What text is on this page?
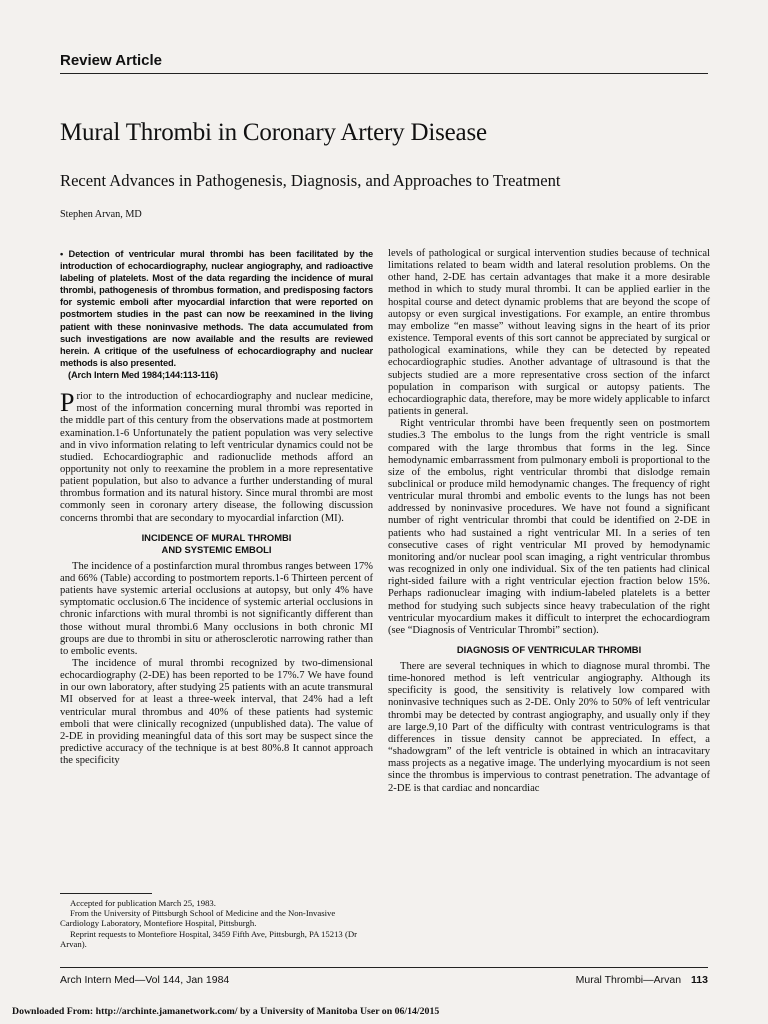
Review Article
Mural Thrombi in Coronary Artery Disease
Recent Advances in Pathogenesis, Diagnosis, and Approaches to Treatment
Stephen Arvan, MD
• Detection of ventricular mural thrombi has been facilitated by the introduction of echocardiography, nuclear angiography, and radioactive labeling of platelets. Most of the data regarding the incidence of mural thrombi, pathogenesis of thrombus formation, and predisposing factors for systemic emboli after myocardial infarction that were reported on postmortem studies in the past can now be reexamined in the living patient with these noninvasive methods. The data accumulated from such investigations are now available and the results are reviewed herein. A critique of the usefulness of echocardiography and nuclear methods is also presented.
(Arch Intern Med 1984;144:113-116)

Prior to the introduction of echocardiography and nuclear medicine, most of the information concerning mural thrombi was reported in the middle part of this century from the observations made at postmortem examination.1-6 Unfortunately the patient population was very selective and in vivo information relating to left ventricular dynamics could not be studied. Echocardiographic and radionuclide methods afford an opportunity not only to reexamine the problem in a more representative patient population, but also to advance a further understanding of mural thrombus formation and its natural history. Since mural thrombi are most commonly seen in coronary artery disease, the following discussion concerns thrombi that are secondary to myocardial infarction (MI).

INCIDENCE OF MURAL THROMBI
AND SYSTEMIC EMBOLI

The incidence of a postinfarction mural thrombus ranges between 17% and 66% (Table) according to postmortem reports.1-6 Thirteen percent of patients have systemic arterial occlusions at autopsy, but only 4% have symptomatic occlusion.6 The incidence of systemic arterial occlusions in chronic infarctions with mural thrombi is not significantly different than those without mural thrombi.6 Many occlusions in both chronic MI groups are due to thrombi in situ or atherosclerotic narrowing rather than to embolic events.

The incidence of mural thrombi recognized by two-dimensional echocardiography (2-DE) has been reported to be 17%.7 We have found in our own laboratory, after studying 25 patients with an acute transmural MI observed for at least a three-week interval, that 24% had a left ventricular mural thrombus and 40% of these patients had systemic emboli that were clinically recognized (unpublished data). The value of 2-DE in providing meaningful data of this sort may be suspect since the predictive accuracy of the technique is at best 80%.8 It cannot approach the specificity

Accepted for publication March 25, 1983.

From the University of Pittsburgh School of Medicine and the Non-Invasive Cardiology Laboratory, Montefiore Hospital, Pittsburgh.

Reprint requests to Montefiore Hospital, 3459 Fifth Ave, Pittsburgh, PA 15213 (Dr Arvan).

levels of pathological or surgical intervention studies because of technical limitations related to beam width and lateral resolution problems. On the other hand, 2-DE has certain advantages that make it a more desirable method in which to study mural thrombi. It can be applied earlier in the hospital course and detect dynamic problems that are beyond the scope of autopsy or even surgical investigations. For example, an entire thrombus may embolize “en masse” without leaving signs in the heart of its prior existence. Temporal events of this sort cannot be appreciated by surgical or pathological examinations, while they can be detected by repeated echocardiographic studies. Another advantage of ultrasound is that the subjects studied are a more representative cross section of the infarct population in comparison with surgical or autopsy patients. The echocardiographic data, therefore, may be more widely applicable to infarct patients in general.

Right ventricular thrombi have been frequently seen on postmortem studies.3 The embolus to the lungs from the right ventricle is small compared with the large thrombus that forms in the leg. Since hemodynamic embarrassment from pulmonary emboli is proportional to the size of the embolus, right ventricular thrombi that dislodge remain subclinical or produce mild hemodynamic changes. The frequency of right ventricular mural thrombi and embolic events to the lungs has not been addressed by noninvasive procedures. We have not found a significant number of right ventricular thrombi that could be identified on 2-DE in patients who had sustained a right ventricular MI. In a series of ten consecutive cases of right ventricular MI proved by hemodynamic monitoring and/or nuclear pool scan imaging, a right ventricular thrombus was recognized in only one individual. Six of the ten patients had clinical right-sided failure with a right ventricular ejection fraction below 15%. Perhaps radionuclear imaging with indium-labeled platelets is a better method for studying such subjects since heavy trabeculation of the right ventricular myocardium makes it difficult to interpret the echocardiogram (see “Diagnosis of Ventricular Thrombi” section).

DIAGNOSIS OF VENTRICULAR THROMBI

There are several techniques in which to diagnose mural thrombi. The time-honored method is left ventricular angiography. Although its specificity is good, the sensitivity is relatively low compared with noninvasive techniques such as 2-DE. Only 20% to 50% of left ventricular thrombi may be detected by contrast angiography, and usually only if they are large.9,10 Part of the difficulty with contrast ventriculograms is that differences in tissue density cannot be appreciated. In effect, a “shadowgram” of the left ventricle is obtained in which an intracavitary mass projects as a negative image. The underlying myocardium is not seen since the thrombus is impervious to contrast penetration. The advantage of 2-DE is that cardiac and noncardiac

Arch Intern Med—Vol 144, Jan 1984	Mural Thrombi—Arvan 113
Downloaded From: http://archinte.jamanetwork.com/ by a University of Manitoba User on 06/14/2015
